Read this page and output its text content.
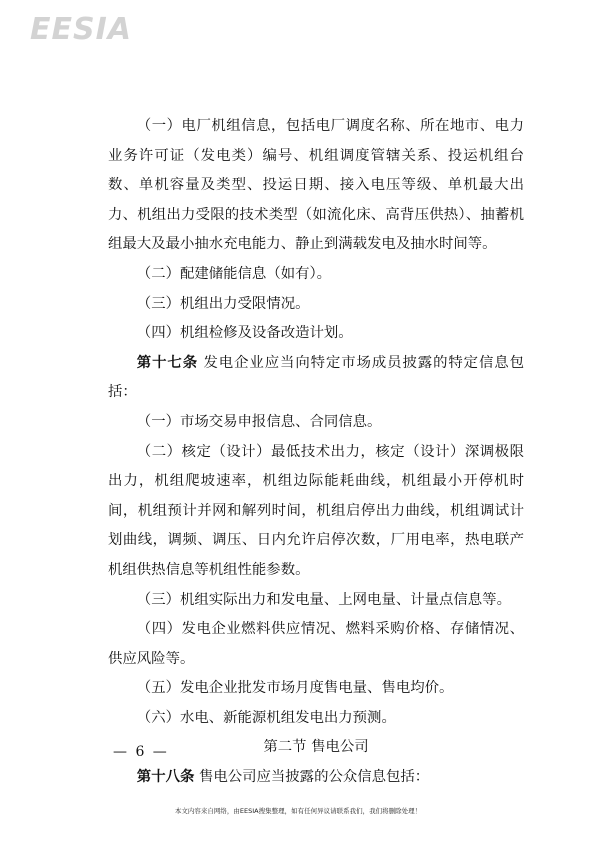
EESIA

（一）电厂机组信息，包括电厂调度名称、所在地市、电力业务许可证（发电类）编号、机组调度管辖关系、投运机组台数、单机容量及类型、投运日期、接入电压等级、单机最大出力、机组出力受限的技术类型（如流化床、高背压供热）、抽蓄机组最大及最小抽水充电能力、静止到满载发电及抽水时间等。

（二）配建储能信息（如有）。

（三）机组出力受限情况。

（四）机组检修及设备改造计划。

第十七条 发电企业应当向特定市场成员披露的特定信息包括：

（一）市场交易申报信息、合同信息。

（二）核定（设计）最低技术出力，核定（设计）深调极限出力，机组爬坡速率，机组边际能耗曲线，机组最小开停机时间，机组预计并网和解列时间，机组启停出力曲线，机组调试计划曲线，调频、调压、日内允许启停次数，厂用电率，热电联产机组供热信息等机组性能参数。

（三）机组实际出力和发电量、上网电量、计量点信息等。

（四）发电企业燃料供应情况、燃料采购价格、存储情况、供应风险等。

（五）发电企业批发市场月度售电量、售电均价。

（六）水电、新能源机组发电出力预测。

第二节 售电公司

第十八条 售电公司应当披露的公众信息包括：

— 6 —
本文内容来自网络，由EESIA搜集整理，如有任何异议请联系我们，我们将删除处理！
